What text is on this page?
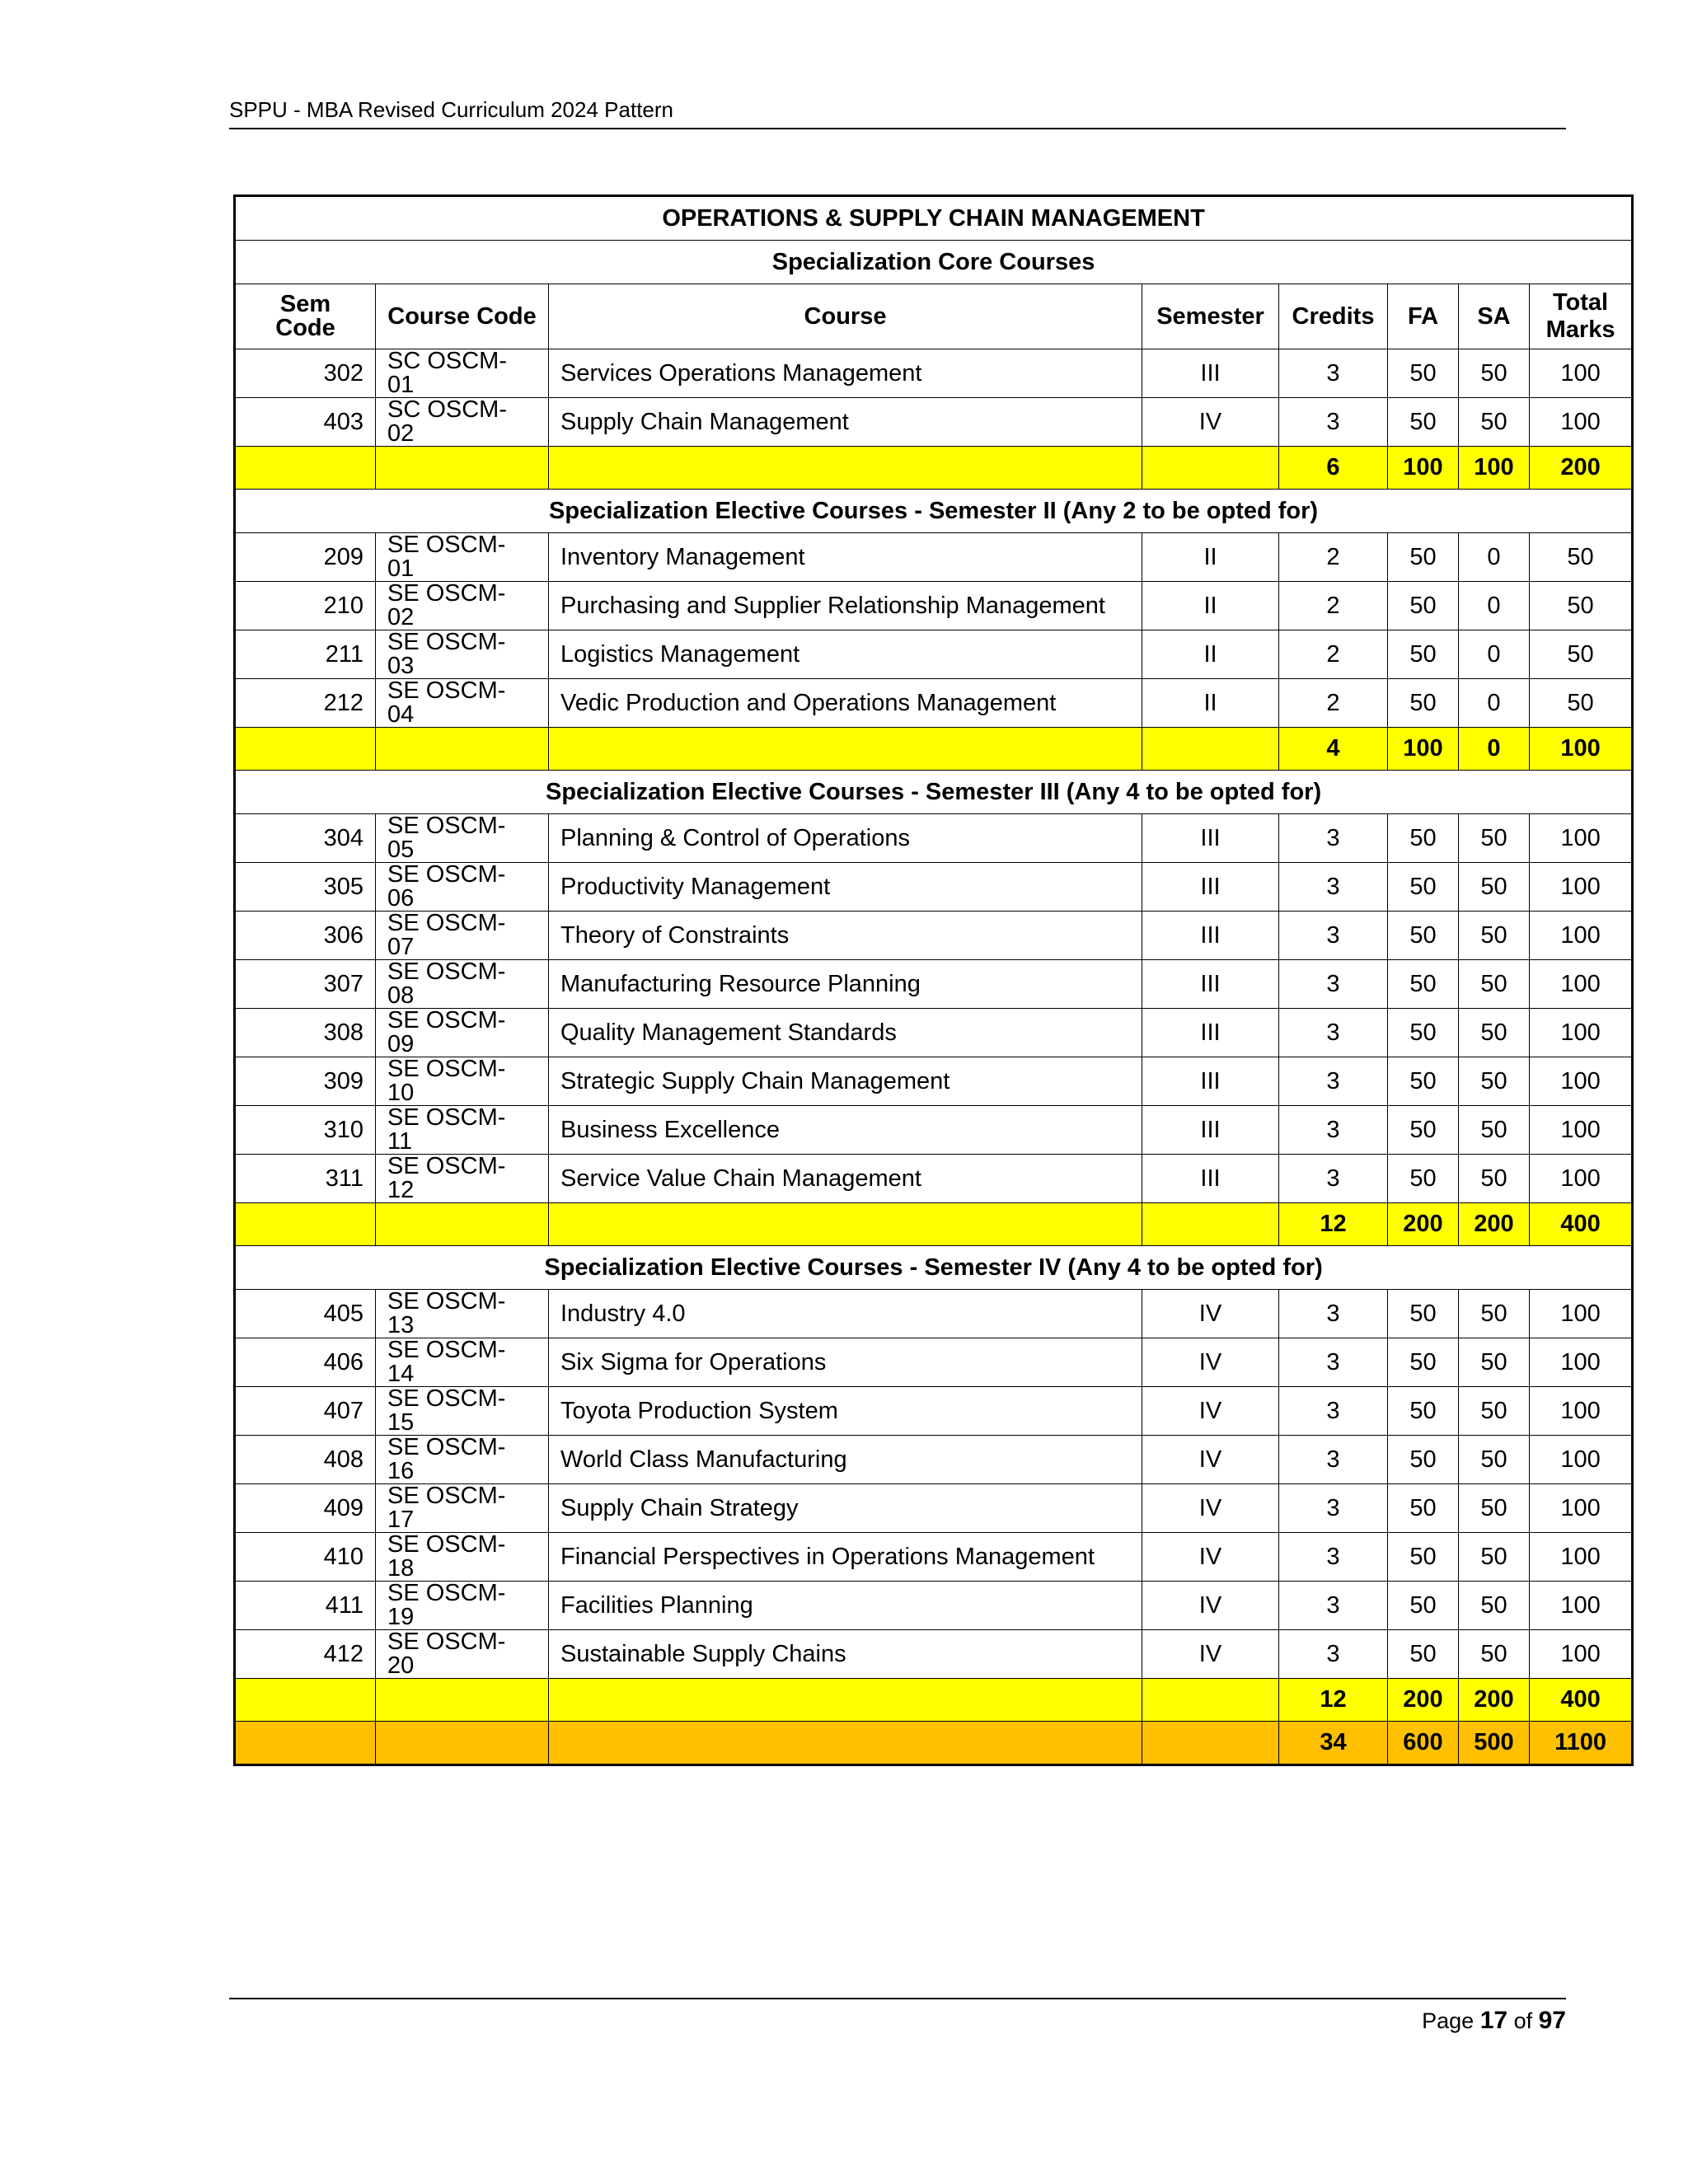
SPPU - MBA Revised Curriculum 2024 Pattern
OPERATIONS & SUPPLY CHAIN MANAGEMENT							
Specialization Core Courses							
Sem Code	Course Code	Course	Semester	Credits	FA	SA	Total Marks
302	SC OSCM- 01	Services Operations Management	III	3	50	50	100
403	SC OSCM- 02	Supply Chain Management	IV	3	50	50	100
				6	100	100	200
Specialization Elective Courses - Semester II (Any 2 to be opted for)							
209	SE OSCM- 01	Inventory Management	II	2	50	0	50
210	SE OSCM- 02	Purchasing and Supplier Relationship Management	II	2	50	0	50
211	SE OSCM- 03	Logistics Management	II	2	50	0	50
212	SE OSCM- 04	Vedic Production and Operations Management	II	2	50	0	50
				4	100	0	100
Specialization Elective Courses - Semester III (Any 4 to be opted for)							
304	SE OSCM- 05	Planning & Control of Operations	III	3	50	50	100
305	SE OSCM- 06	Productivity Management	III	3	50	50	100
306	SE OSCM- 07	Theory of Constraints	III	3	50	50	100
307	SE OSCM- 08	Manufacturing Resource Planning	III	3	50	50	100
308	SE OSCM- 09	Quality Management Standards	III	3	50	50	100
309	SE OSCM- 10	Strategic Supply Chain Management	III	3	50	50	100
310	SE OSCM- 11	Business Excellence	III	3	50	50	100
311	SE OSCM- 12	Service Value Chain Management	III	3	50	50	100
				12	200	200	400
Specialization Elective Courses - Semester IV (Any 4 to be opted for)							
405	SE OSCM- 13	Industry 4.0	IV	3	50	50	100
406	SE OSCM- 14	Six Sigma for Operations	IV	3	50	50	100
407	SE OSCM- 15	Toyota Production System	IV	3	50	50	100
408	SE OSCM- 16	World Class Manufacturing	IV	3	50	50	100
409	SE OSCM- 17	Supply Chain Strategy	IV	3	50	50	100
410	SE OSCM- 18	Financial Perspectives in Operations Management	IV	3	50	50	100
411	SE OSCM- 19	Facilities Planning	IV	3	50	50	100
412	SE OSCM- 20	Sustainable Supply Chains	IV	3	50	50	100
				12	200	200	400
				34	600	500	1100
Page 17 of 97
